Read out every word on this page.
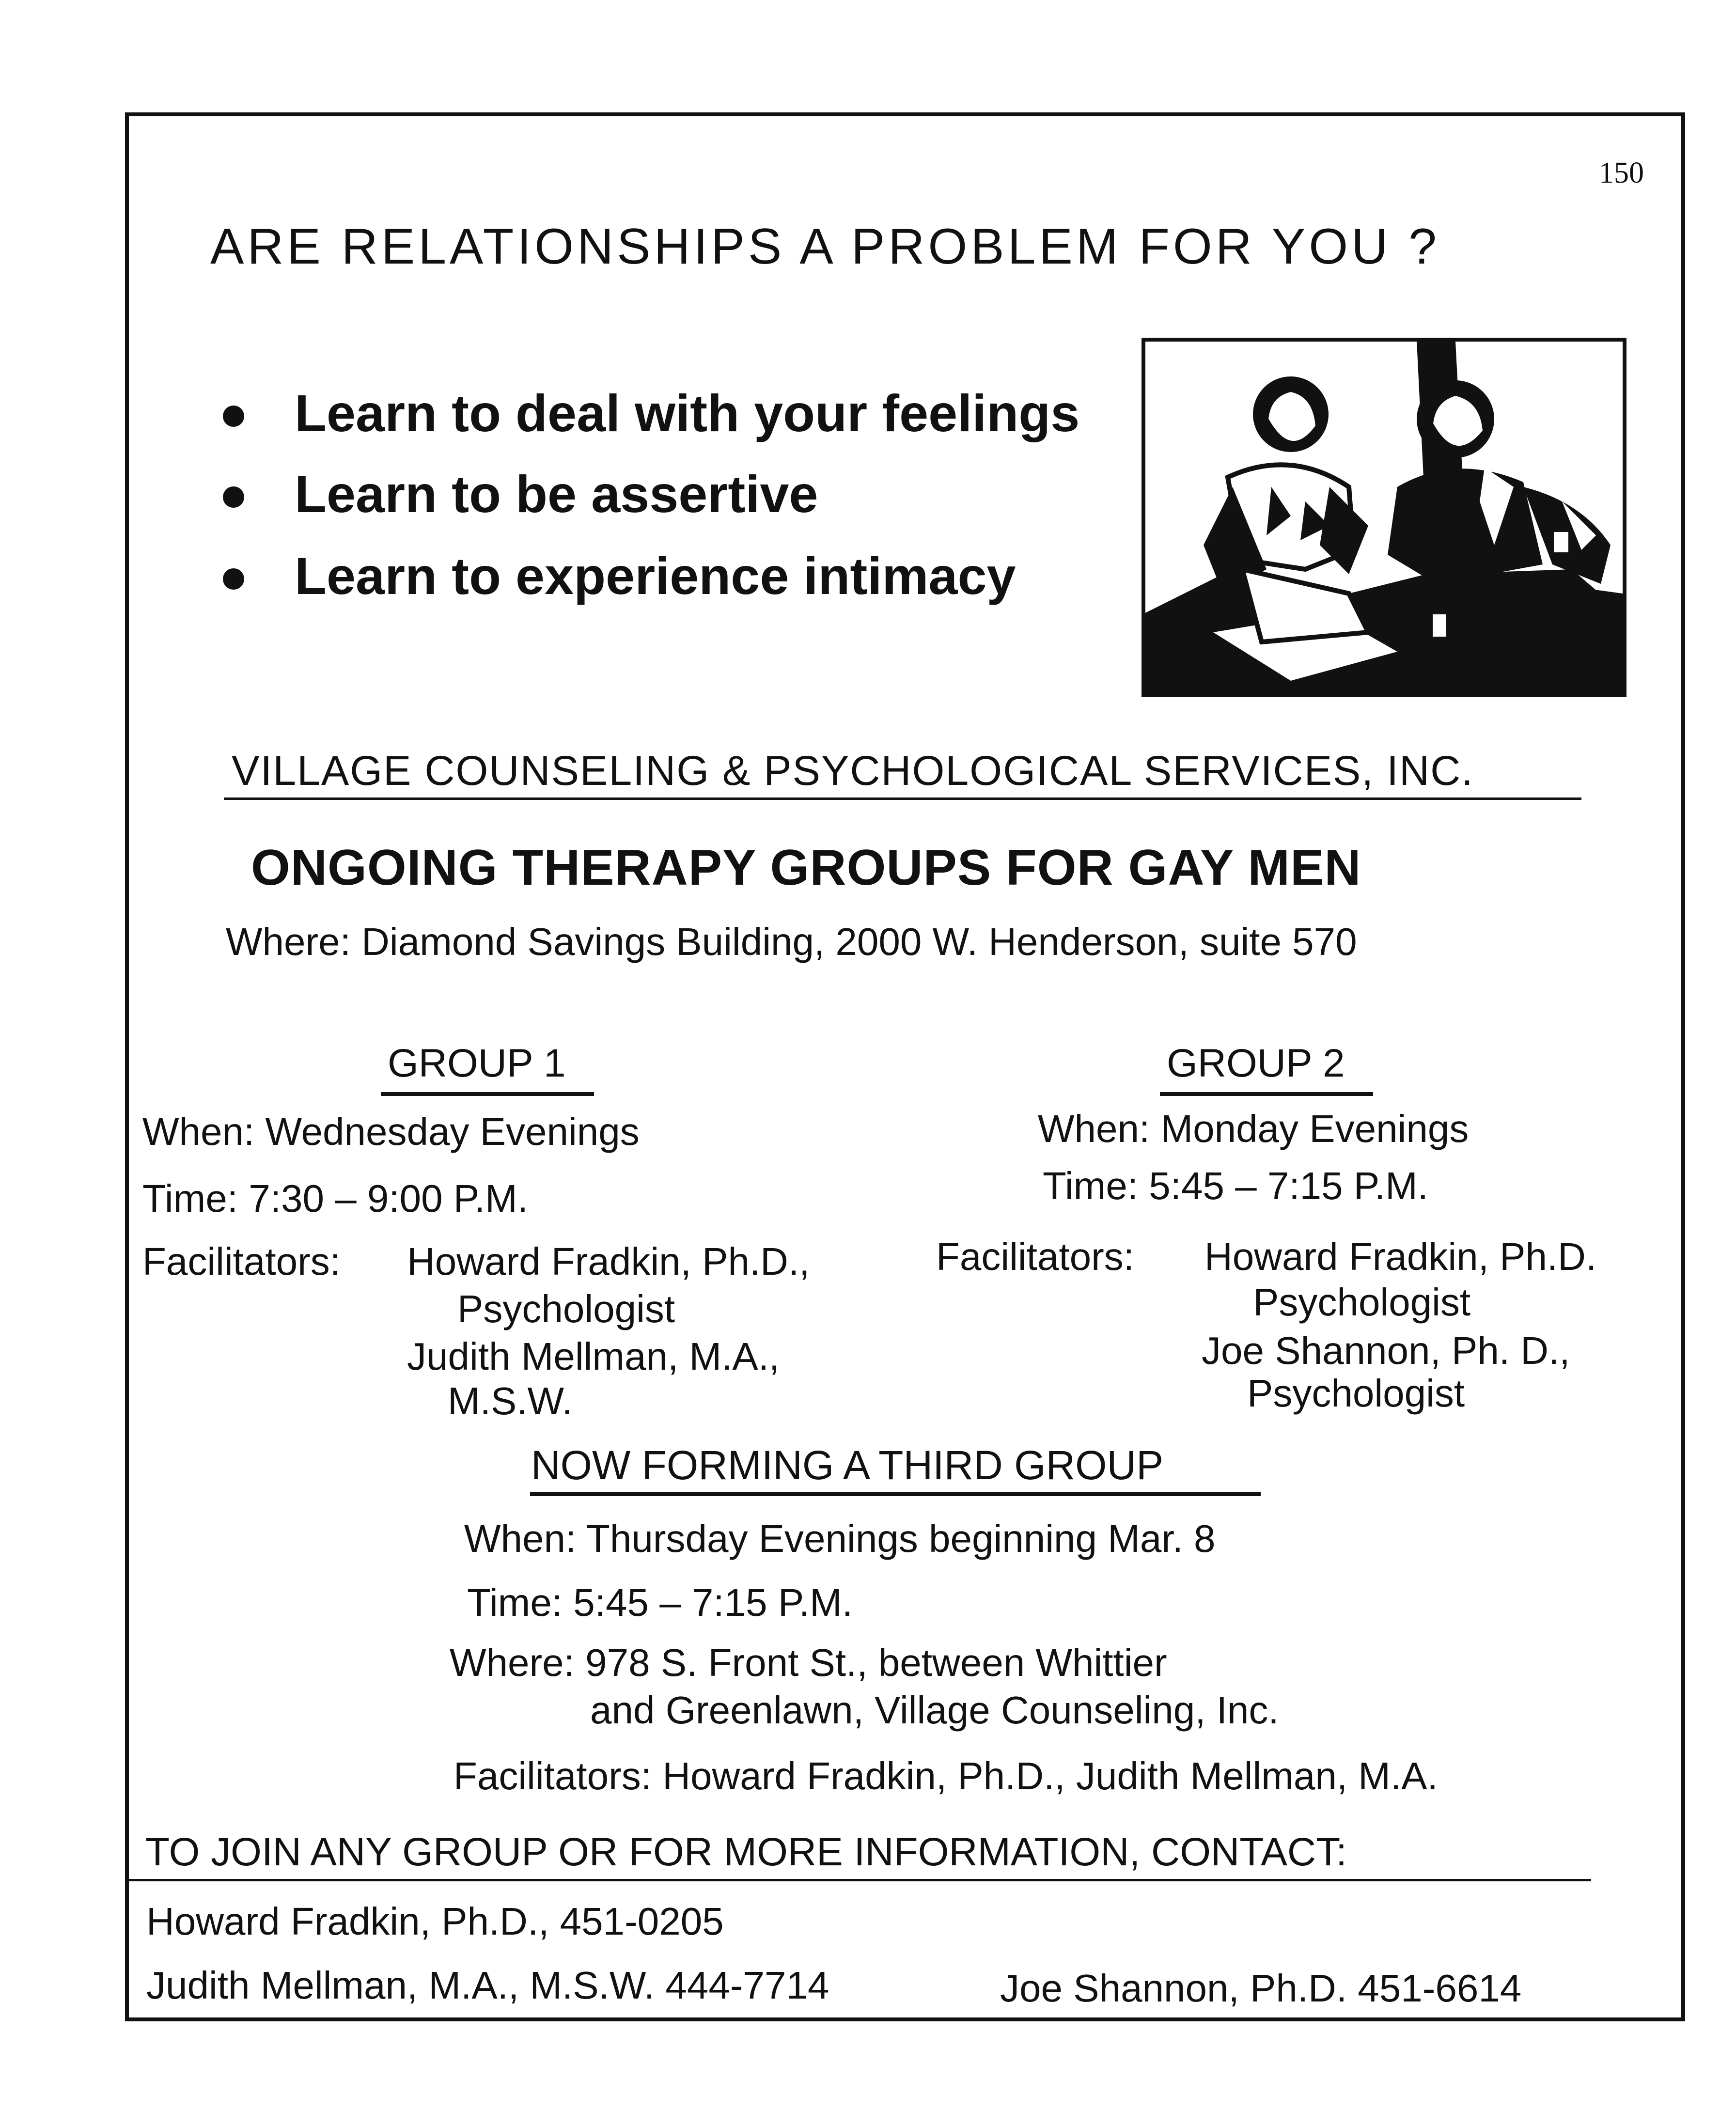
150
ARE RELATIONSHIPS A PROBLEM FOR YOU ?
Learn to deal with your feelings
Learn to be assertive
Learn to experience intimacy
VILLAGE COUNSELING & PSYCHOLOGICAL SERVICES, INC.
ONGOING THERAPY GROUPS FOR GAY MEN
Where: Diamond Savings Building, 2000 W. Henderson, suite 570
GROUP 1
When: Wednesday Evenings
Time: 7:30 – 9:00 P.M.
Facilitators: Howard Fradkin, Ph.D.,
Psychologist
Judith Mellman, M.A.,
M.S.W.
GROUP 2
When: Monday Evenings
Time: 5:45 – 7:15 P.M.
Facilitators: Howard Fradkin, Ph.D.
Psychologist
Joe Shannon, Ph. D.,
Psychologist
NOW FORMING A THIRD GROUP
When: Thursday Evenings beginning Mar. 8
Time: 5:45 – 7:15 P.M.
Where: 978 S. Front St., between Whittier
and Greenlawn, Village Counseling, Inc.
Facilitators: Howard Fradkin, Ph.D., Judith Mellman, M.A.
TO JOIN ANY GROUP OR FOR MORE INFORMATION, CONTACT:
Howard Fradkin, Ph.D., 451-0205
Judith Mellman, M.A., M.S.W. 444-7714	Joe Shannon, Ph.D. 451-6614
